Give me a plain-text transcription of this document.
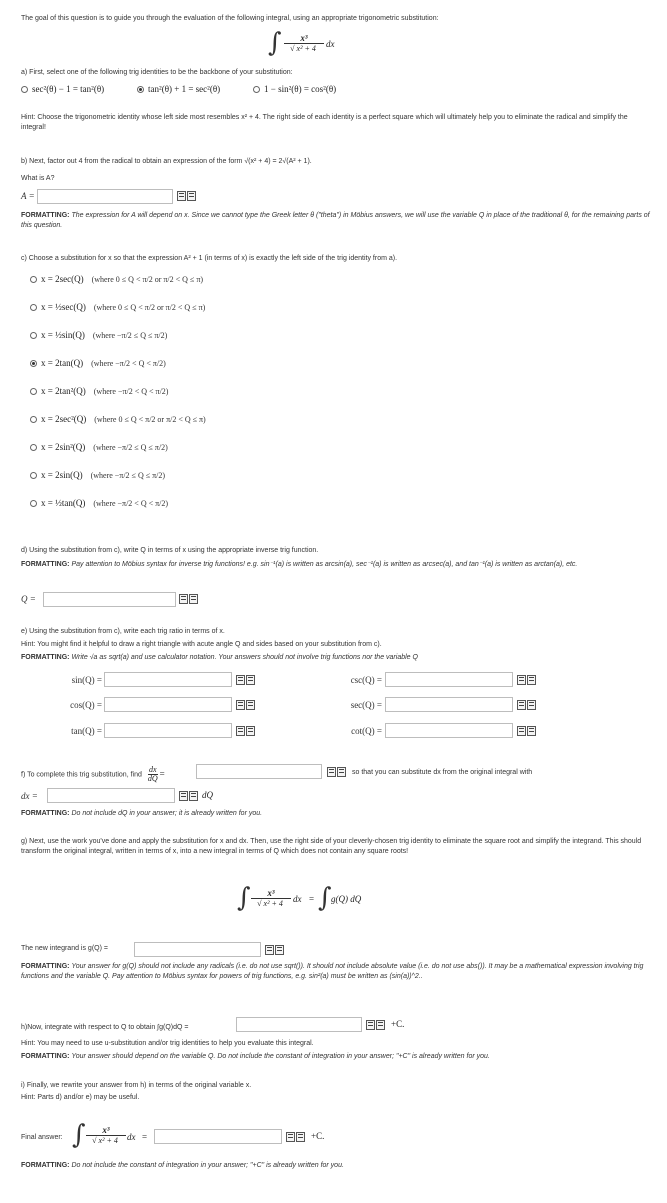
The goal of this question is to guide you through the evaluation of the following integral, using an appropriate trigonometric substitution:
∫	x³
√ x² + 4	dx
a) First, select one of the following trig identities to be the backbone of your substitution:
sec²(θ) − 1 = tan²(θ)	tan²(θ) + 1 = sec²(θ)	1 − sin²(θ) = cos²(θ)
Hint: Choose the trigonometric identity whose left side most resembles x² + 4. The right side of each identity is a perfect square which will ultimately help you to eliminate the radical and simplify the integral!
b) Next, factor out 4 from the radical to obtain an expression of the form √(x² + 4) = 2√(A² + 1).
What is A?
A =
FORMATTING: The expression for A will depend on x. Since we cannot type the Greek letter θ ("theta") in Möbius answers, we will use the variable Q in place of the traditional θ, for the remaining parts of this question.
c) Choose a substitution for x so that the expression A² + 1 (in terms of x) is exactly the left side of the trig identity from a).
x = 2sec(Q) (where 0 ≤ Q < π/2 or π/2 < Q ≤ π)
x = ½sec(Q) (where 0 ≤ Q < π/2 or π/2 < Q ≤ π)
x = ½sin(Q) (where −π/2 ≤ Q ≤ π/2)
x = 2tan(Q) (where −π/2 < Q < π/2)
x = 2tan²(Q) (where −π/2 < Q < π/2)
x = 2sec²(Q) (where 0 ≤ Q < π/2 or π/2 < Q ≤ π)
x = 2sin²(Q) (where −π/2 ≤ Q ≤ π/2)
x = 2sin(Q) (where −π/2 ≤ Q ≤ π/2)
x = ½tan(Q) (where −π/2 < Q < π/2)
d) Using the substitution from c), write Q in terms of x using the appropriate inverse trig function.
FORMATTING: Pay attention to Möbius syntax for inverse trig functions! e.g. sin⁻¹(a) is written as arcsin(a), sec⁻¹(a) is written as arcsec(a), and tan⁻¹(a) is written as arctan(a), etc.
Q =
e) Using the substitution from c), write each trig ratio in terms of x.
Hint: You might find it helpful to draw a right triangle with acute angle Q and sides based on your substitution from c).
FORMATTING: Write √a as sqrt(a) and use calculator notation. Your answers should not involve trig functions nor the variable Q
sin(Q) =
cos(Q) =
tan(Q) =
csc(Q) =
sec(Q) =
cot(Q) =
f) To complete this trig substitution, find $\frac{dx}{dQ}$ =	so that you can substitute dx from the original integral with
dx =	dQ
FORMATTING: Do not include dQ in your answer; it is already written for you.
g) Next, use the work you've done and apply the substitution for x and dx. Then, use the right side of your cleverly-chosen trig identity to eliminate the square root and simplify the integrand. This should transform the original integral, written in terms of x, into a new integral in terms of Q which does not contain any square roots!
∫	x³
√ x² + 4	dx = ∫ g(Q) dQ
The new integrand is g(Q) =
FORMATTING: Your answer for g(Q) should not include any radicals (i.e. do not use sqrt()). It should not include absolute value (i.e. do not use abs()). It may be a mathematical expression involving trig functions and the variable Q. Pay attention to Möbius syntax for powers of trig functions, e.g. sin²(a) must be written as (sin(a))^2..
h)Now, integrate with respect to Q to obtain ∫g(Q)dQ =	+C.
Hint: You may need to use u-substitution and/or trig identities to help you evaluate this integral.
FORMATTING: Your answer should depend on the variable Q. Do not include the constant of integration in your answer; "+C" is already written for you.
i) Finally, we rewrite your answer from h) in terms of the original variable x.
Hint: Parts d) and/or e) may be useful.
Final answer: ∫	x³
√ x² + 4	dx =	+C.
FORMATTING: Do not include the constant of integration in your answer; "+C" is already written for you.
